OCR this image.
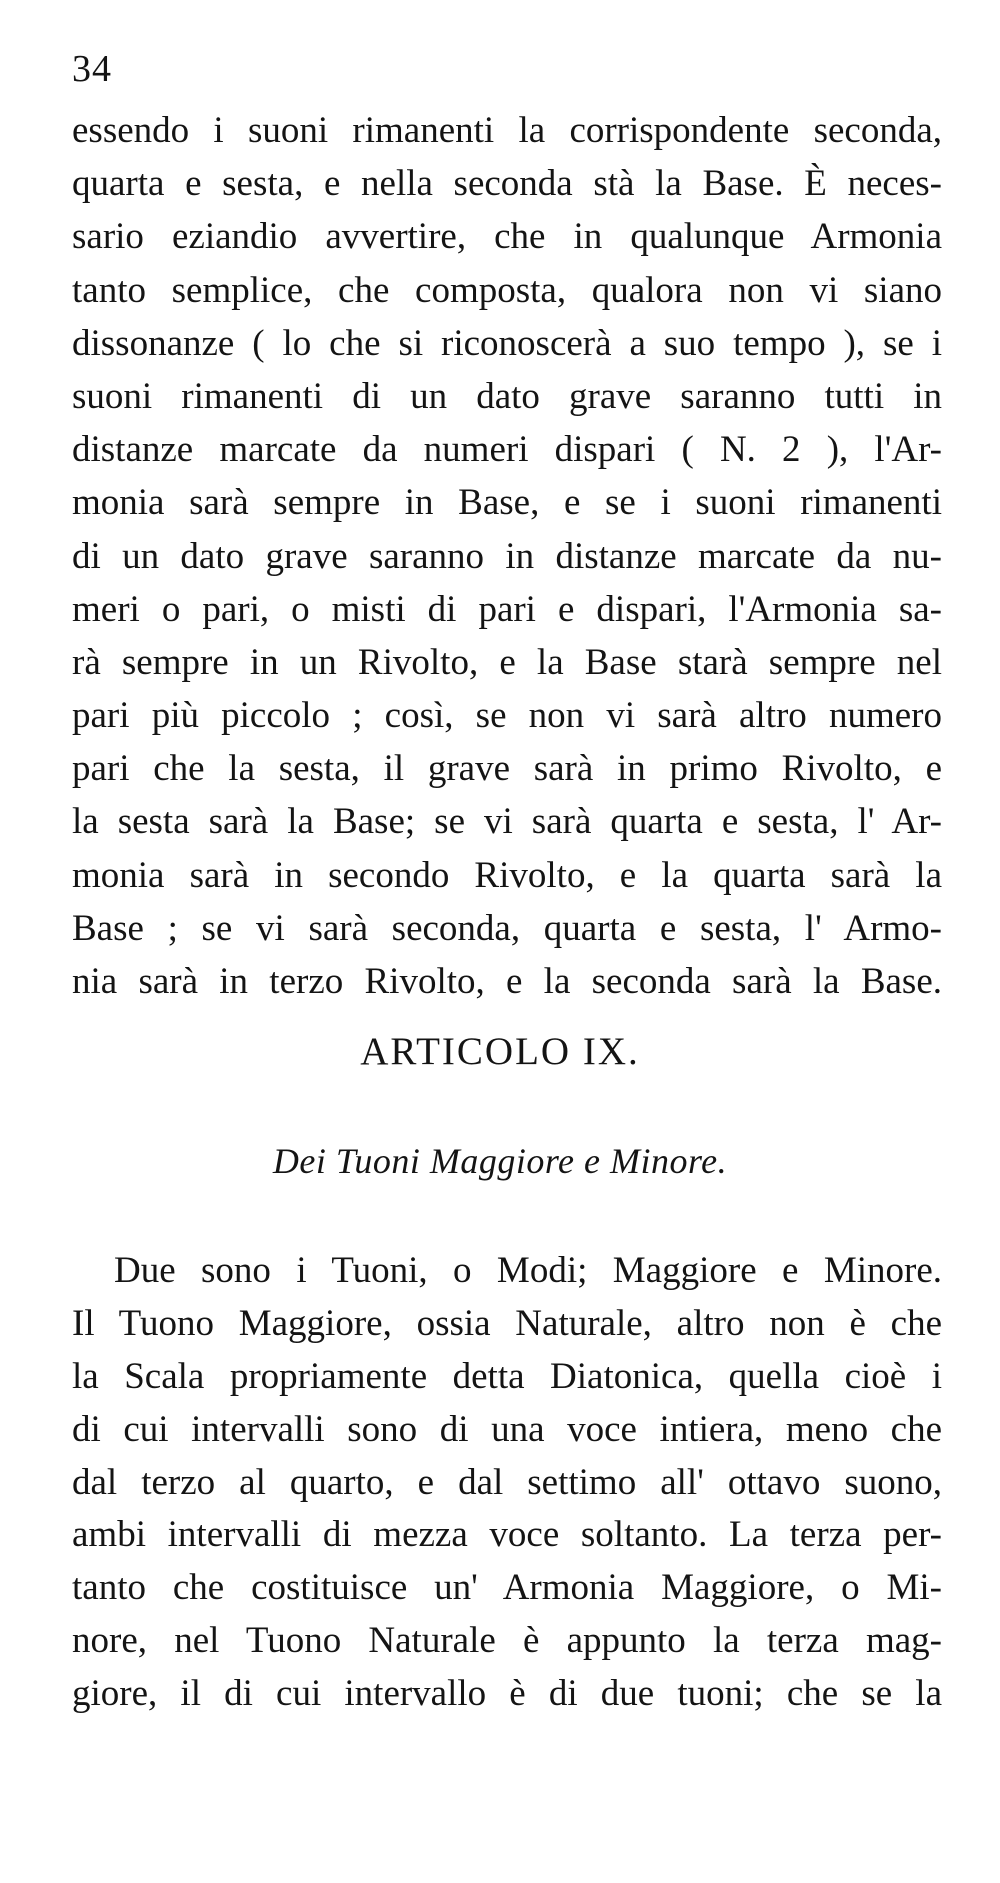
34
essendo i suoni rimanenti la corrispondente seconda,
quarta e sesta, e nella seconda stà la Base. È neces-
sario eziandio avvertire, che in qualunque Armonia
tanto semplice, che composta, qualora non vi siano
dissonanze ( lo che si riconoscerà a suo tempo ), se i
suoni rimanenti di un dato grave saranno tutti in
distanze marcate da numeri dispari ( N. 2 ), l'Ar-
monia sarà sempre in Base, e se i suoni rimanenti
di un dato grave saranno in distanze marcate da nu-
meri o pari, o misti di pari e dispari, l'Armonia sa-
rà sempre in un Rivolto, e la Base starà sempre nel
pari più piccolo ; così, se non vi sarà altro numero
pari che la sesta, il grave sarà in primo Rivolto, e
la sesta sarà la Base; se vi sarà quarta e sesta, l' Ar-
monia sarà in secondo Rivolto, e la quarta sarà la
Base ; se vi sarà seconda, quarta e sesta, l' Armo-
nia sarà in terzo Rivolto, e la seconda sarà la Base.
ARTICOLO IX.
Dei Tuoni Maggiore e Minore.
Due sono i Tuoni, o Modi; Maggiore e Minore.
Il Tuono Maggiore, ossia Naturale, altro non è che
la Scala propriamente detta Diatonica, quella cioè i
di cui intervalli sono di una voce intiera, meno che
dal terzo al quarto, e dal settimo all' ottavo suono,
ambi intervalli di mezza voce soltanto. La terza per-
tanto che costituisce un' Armonia Maggiore, o Mi-
nore, nel Tuono Naturale è appunto la terza mag-
giore, il di cui intervallo è di due tuoni; che se la
